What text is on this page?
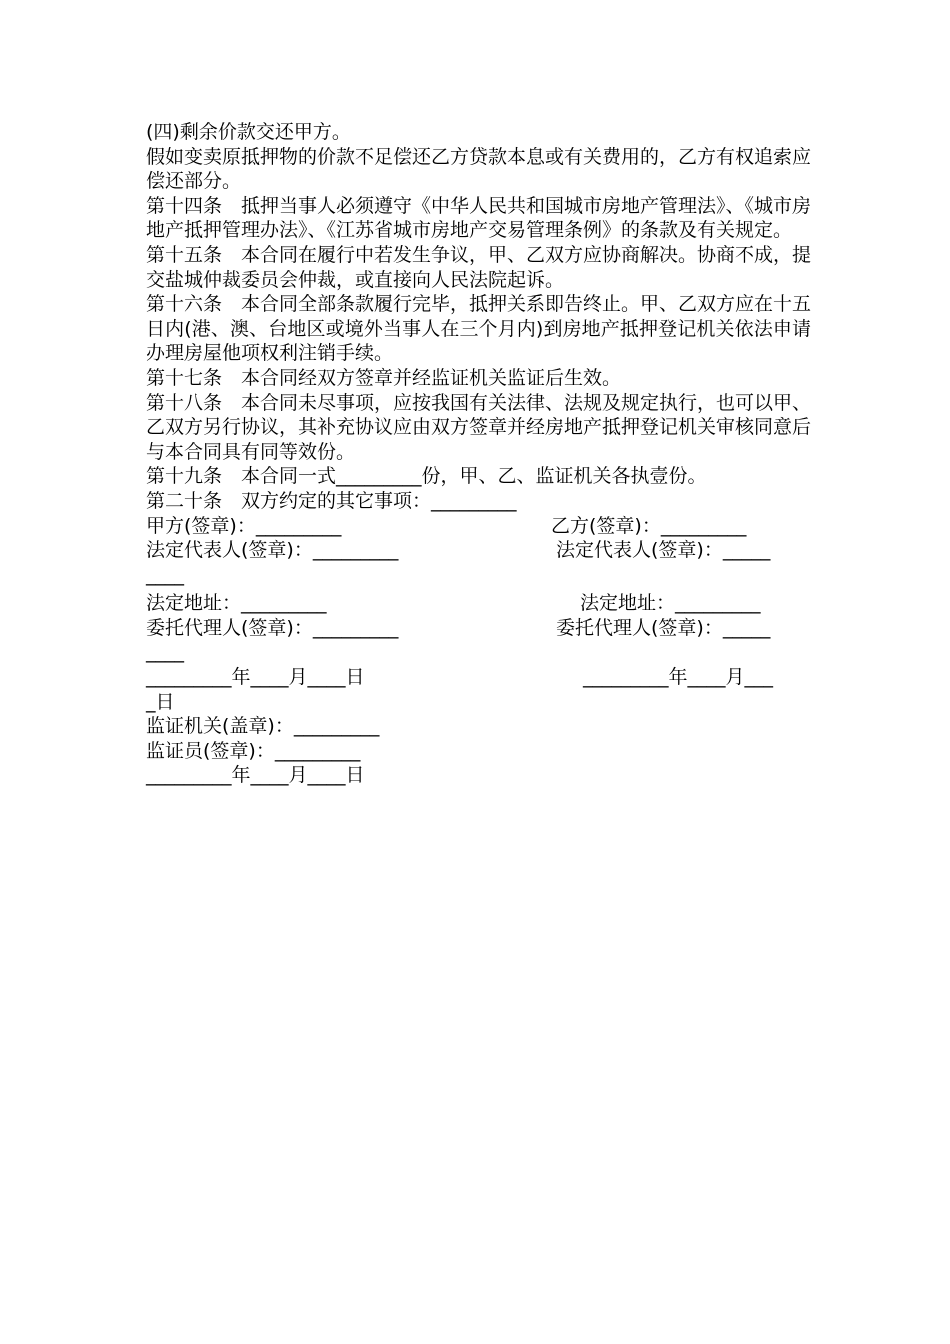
(四)剩余价款交还甲方。

假如变卖原抵押物的价款不足偿还乙方贷款本息或有关费用的，乙方有权追索应偿还部分。

第十四条　抵押当事人必须遵守《中华人民共和国城市房地产管理法》、《城市房地产抵押管理办法》、《江苏省城市房地产交易管理条例》的条款及有关规定。

第十五条　本合同在履行中若发生争议，甲、乙双方应协商解决。协商不成，提交盐城仲裁委员会仲裁，或直接向人民法院起诉。

第十六条　本合同全部条款履行完毕，抵押关系即告终止。甲、乙双方应在十五日内(港、澳、台地区或境外当事人在三个月内)到房地产抵押登记机关依法申请办理房屋他项权利注销手续。

第十七条　本合同经双方签章并经监证机关监证后生效。

第十八条　本合同未尽事项，应按我国有关法律、法规及规定执行，也可以甲、乙双方另行协议，其补充协议应由双方签章并经房地产抵押登记机关审核同意后与本合同具有同等效份。

第十九条　本合同一式_________份，甲、乙、监证机关各执壹份。

第二十条　双方约定的其它事项：_________

甲方(签章)：_________	乙方(签章)：_________
法定代表人(签章)：_________	法定代表人(签章)：_____
____
法定地址：_________	法定地址：_________
委托代理人(签章)：_________	委托代理人(签章)：_____
____
_________年____月____日	_________年____月___
_日
监证机关(盖章)：_________
监证员(签章)：_________
_________年____月____日
